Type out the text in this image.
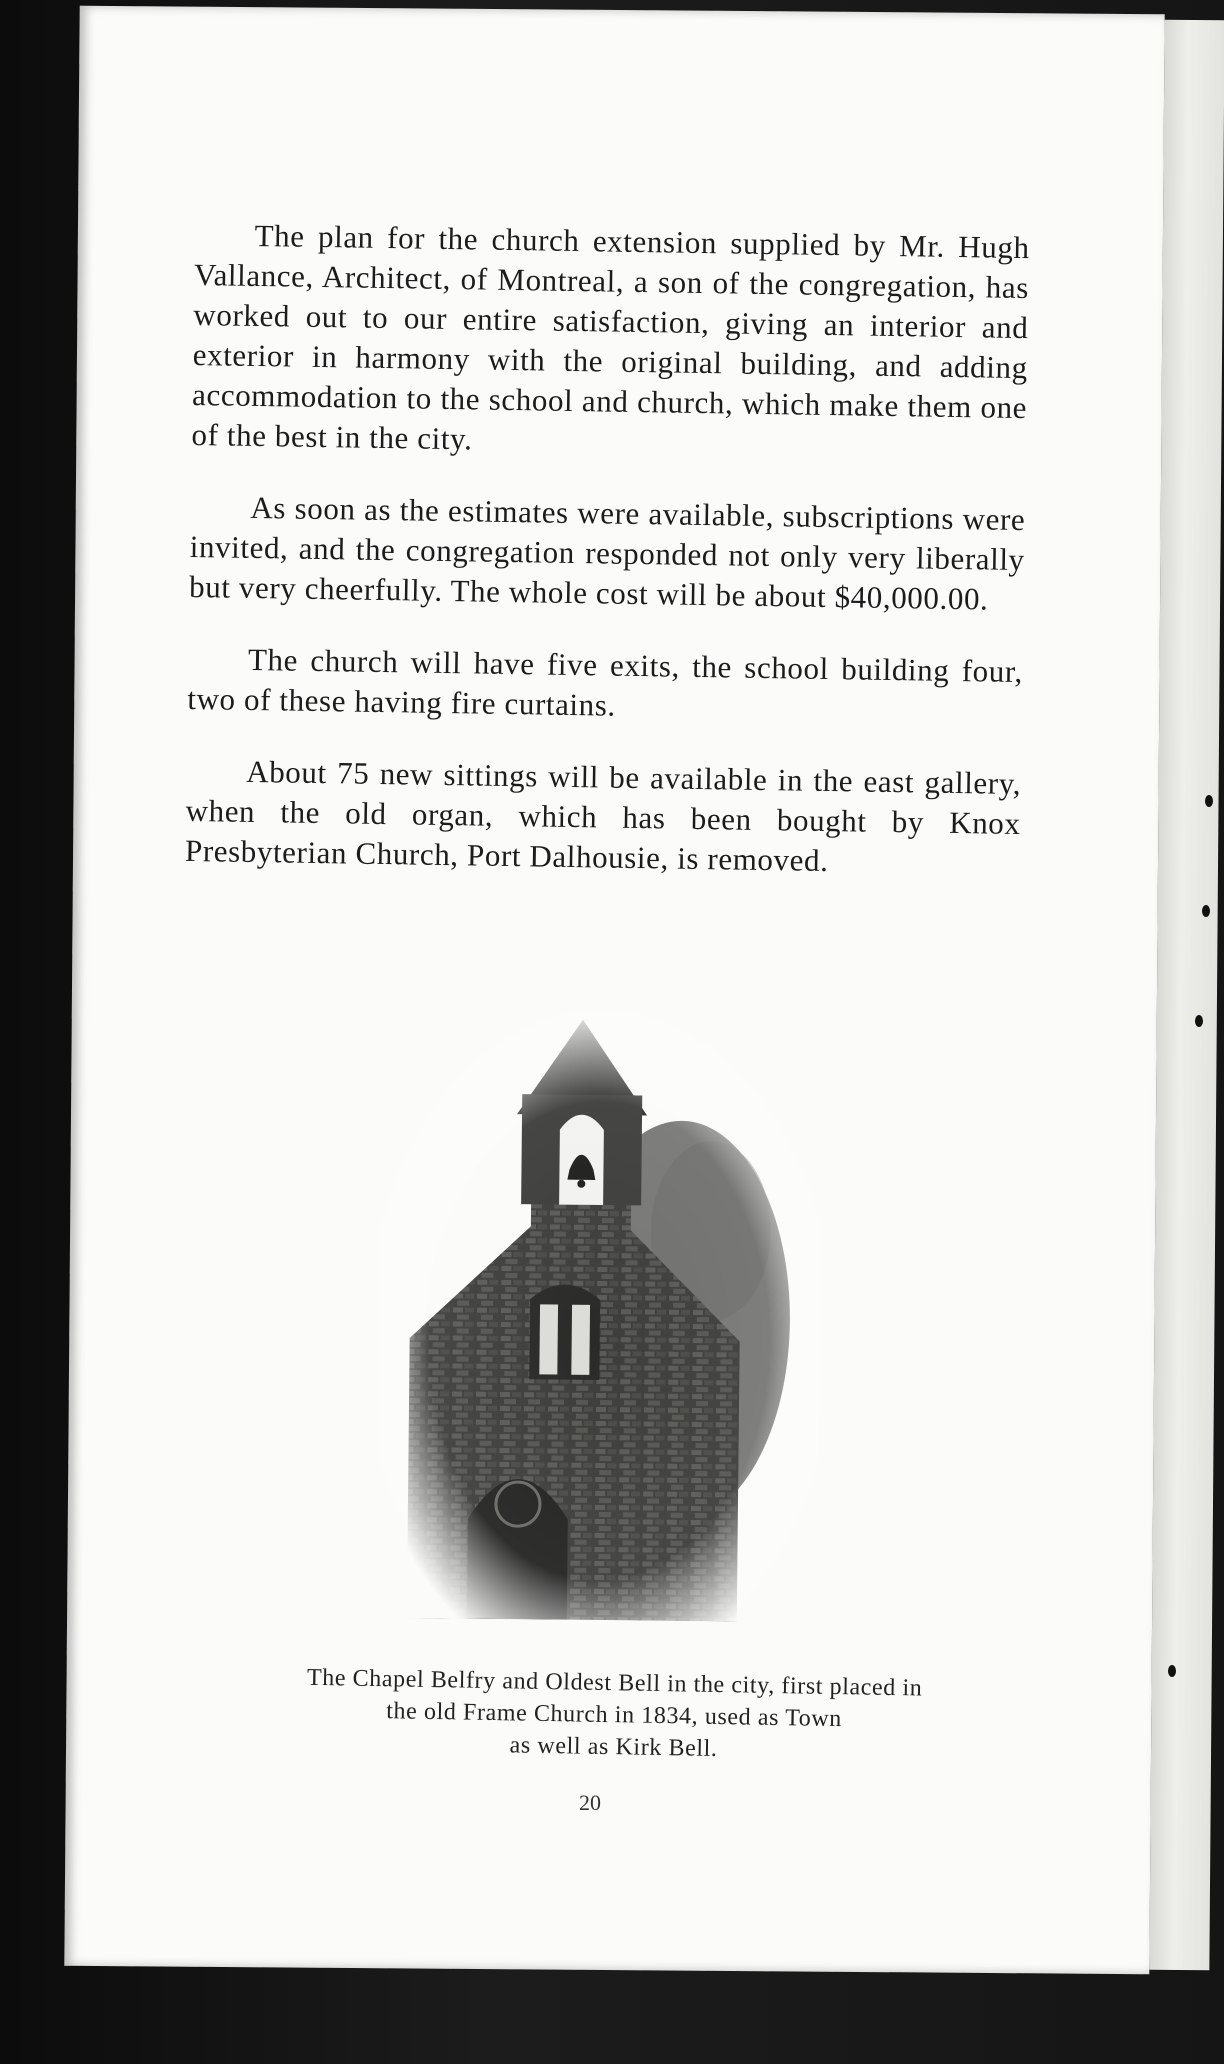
The plan for the church extension supplied by Mr. Hugh Vallance, Architect, of Montreal, a son of the congregation, has worked out to our entire satisfaction, giving an interior and exterior in harmony with the original building, and adding accommodation to the school and church, which make them one of the best in the city.

As soon as the estimates were available, subscriptions were invited, and the congregation responded not only very liberally but very cheerfully. The whole cost will be about $40,000.00.

The church will have five exits, the school building four, two of these having fire curtains.

About 75 new sittings will be available in the east gallery, when the old organ, which has been bought by Knox Presbyterian Church, Port Dalhousie, is removed.

The Chapel Belfry and Oldest Bell in the city, first placed in
the old Frame Church in 1834, used as Town
as well as Kirk Bell.
20
